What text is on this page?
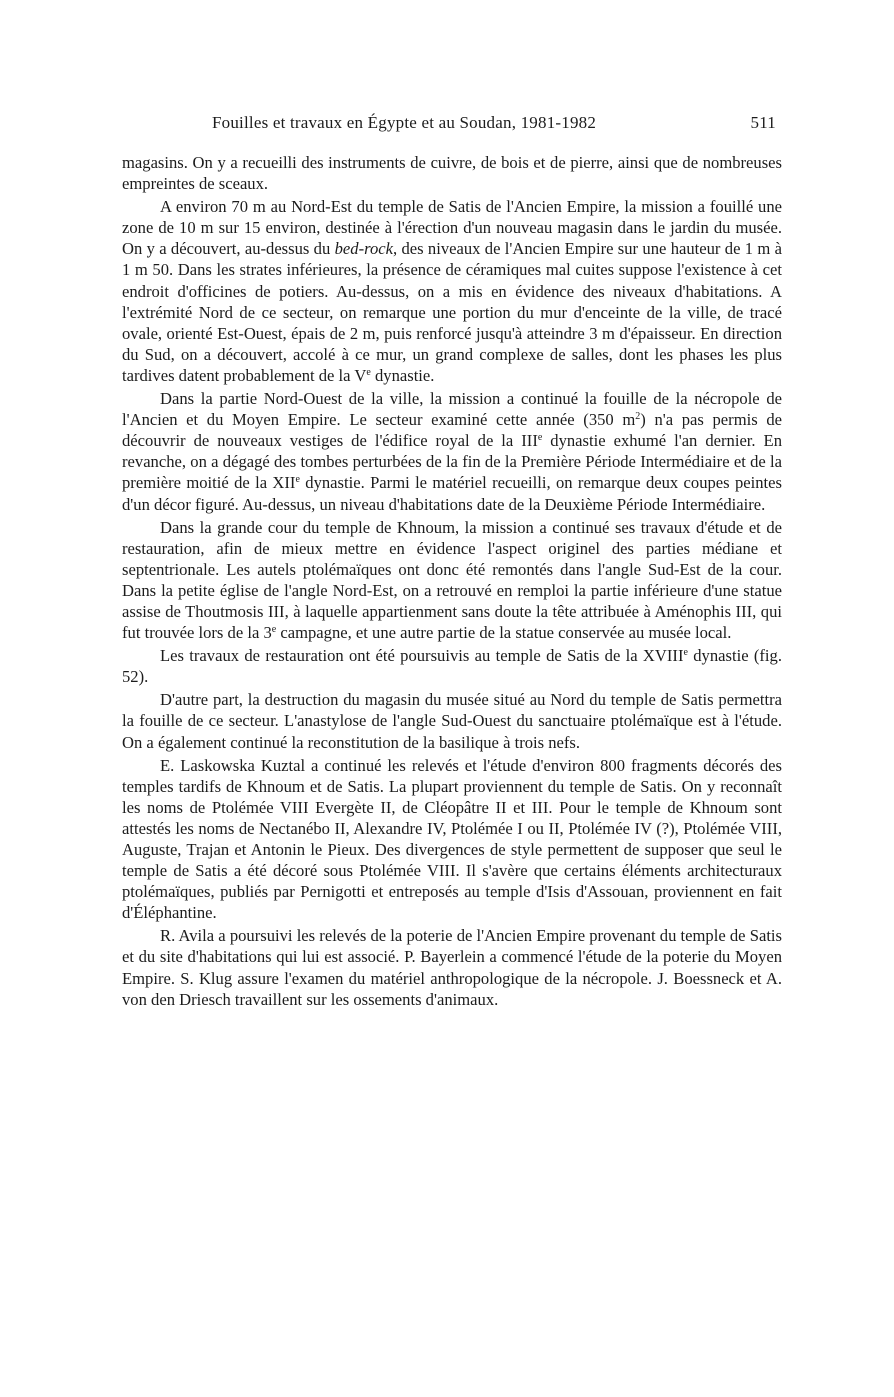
Fouilles et travaux en Égypte et au Soudan, 1981-1982	511

magasins. On y a recueilli des instruments de cuivre, de bois et de pierre, ainsi que de nombreuses empreintes de sceaux.

A environ 70 m au Nord-Est du temple de Satis de l'Ancien Empire, la mission a fouillé une zone de 10 m sur 15 environ, destinée à l'érection d'un nouveau magasin dans le jardin du musée. On y a découvert, au-dessus du bed-rock, des niveaux de l'Ancien Empire sur une hauteur de 1 m à 1 m 50. Dans les strates inférieures, la présence de céramiques mal cuites suppose l'existence à cet endroit d'officines de potiers. Au-dessus, on a mis en évidence des niveaux d'habitations. A l'extrémité Nord de ce secteur, on remarque une portion du mur d'enceinte de la ville, de tracé ovale, orienté Est-Ouest, épais de 2 m, puis renforcé jusqu'à atteindre 3 m d'épaisseur. En direction du Sud, on a découvert, accolé à ce mur, un grand complexe de salles, dont les phases les plus tardives datent probablement de la Ve dynastie.

Dans la partie Nord-Ouest de la ville, la mission a continué la fouille de la nécropole de l'Ancien et du Moyen Empire. Le secteur examiné cette année (350 $m^2$) n'a pas permis de découvrir de nouveaux vestiges de l'édifice royal de la IIIe dynastie exhumé l'an dernier. En revanche, on a dégagé des tombes perturbées de la fin de la Première Période Intermédiaire et de la première moitié de la XIIe dynastie. Parmi le matériel recueilli, on remarque deux coupes peintes d'un décor figuré. Au-dessus, un niveau d'habitations date de la Deuxième Période Intermédiaire.

Dans la grande cour du temple de Khnoum, la mission a continué ses travaux d'étude et de restauration, afin de mieux mettre en évidence l'aspect originel des parties médiane et septentrionale. Les autels ptolémaïques ont donc été remontés dans l'angle Sud-Est de la cour. Dans la petite église de l'angle Nord-Est, on a retrouvé en remploi la partie inférieure d'une statue assise de Thoutmosis III, à laquelle appartienment sans doute la tête attribuée à Aménophis III, qui fut trouvée lors de la 3e campagne, et une autre partie de la statue conservée au musée local.

Les travaux de restauration ont été poursuivis au temple de Satis de la XVIIIe dynastie (fig. 52).

D'autre part, la destruction du magasin du musée situé au Nord du temple de Satis permettra la fouille de ce secteur. L'anastylose de l'angle Sud-Ouest du sanctuaire ptolémaïque est à l'étude. On a également continué la reconstitution de la basilique à trois nefs.

E. Laskowska Kuztal a continué les relevés et l'étude d'environ 800 fragments décorés des temples tardifs de Khnoum et de Satis. La plupart proviennent du temple de Satis. On y reconnaît les noms de Ptolémée VIII Evergète II, de Cléopâtre II et III. Pour le temple de Khnoum sont attestés les noms de Nectanébo II, Alexandre IV, Ptolémée I ou II, Ptolémée IV (?), Ptolémée VIII, Auguste, Trajan et Antonin le Pieux. Des divergences de style permettent de supposer que seul le temple de Satis a été décoré sous Ptolémée VIII. Il s'avère que certains éléments architecturaux ptolémaïques, publiés par Pernigotti et entreposés au temple d'Isis d'Assouan, proviennent en fait d'Éléphantine.

R. Avila a poursuivi les relevés de la poterie de l'Ancien Empire provenant du temple de Satis et du site d'habitations qui lui est associé. P. Bayerlein a commencé l'étude de la poterie du Moyen Empire. S. Klug assure l'examen du matériel anthropologique de la nécropole. J. Boessneck et A. von den Driesch travaillent sur les ossements d'animaux.
